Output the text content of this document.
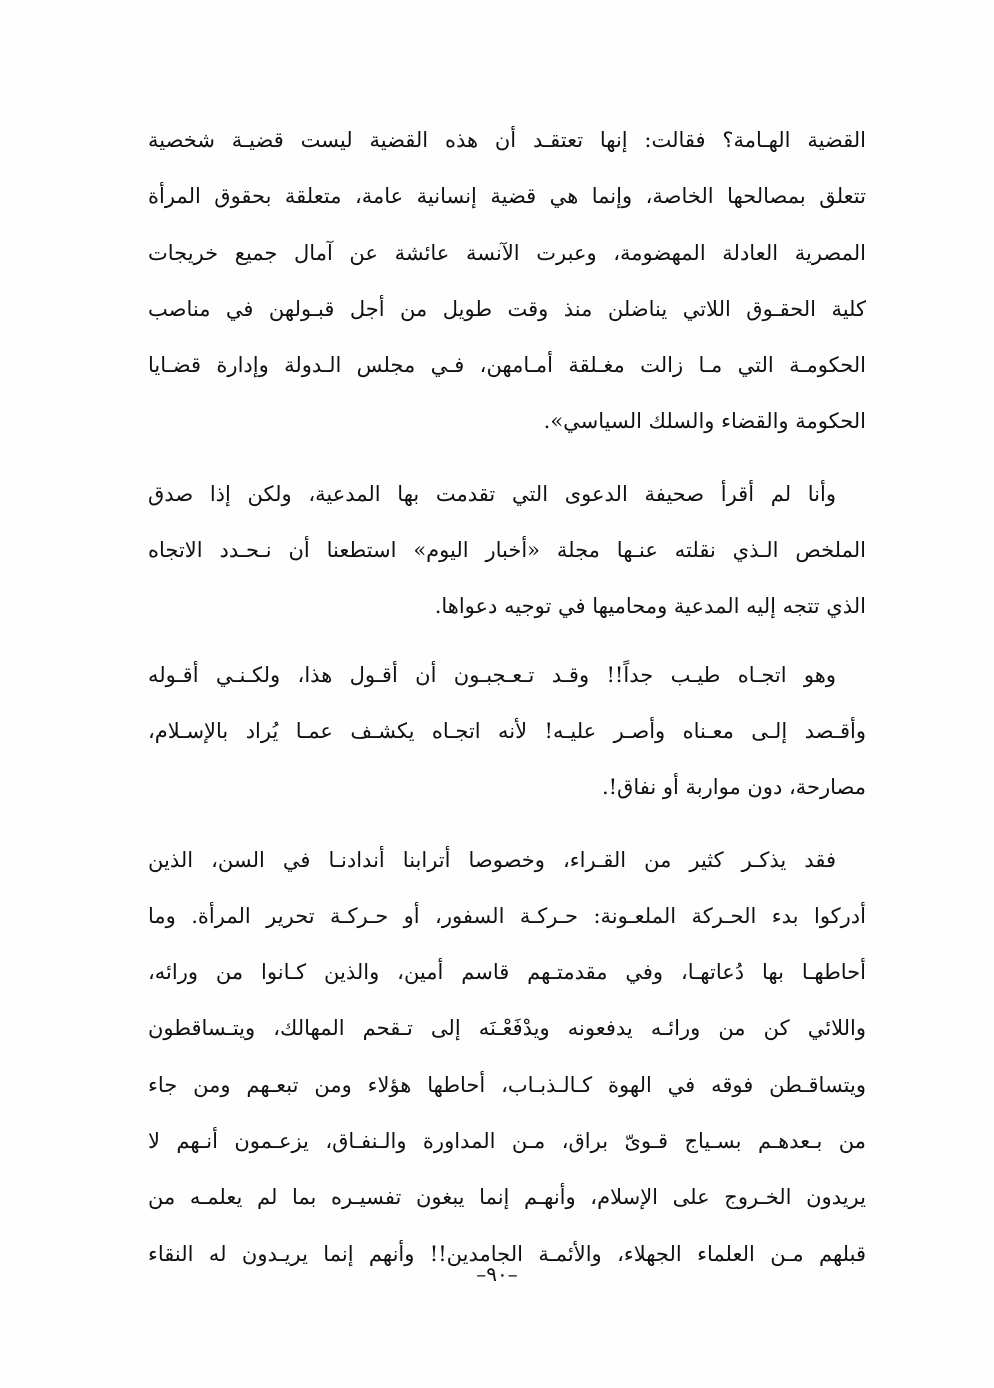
القضية الهـامة؟ فقالت: إنها تعتقـد أن هذه القضية ليست قضيـة شخصية
تتعلق بمصالحها الخاصة، وإنما هي قضية إنسانية عامة، متعلقة بحقوق المرأة
المصرية العادلة المهضومة، وعبرت الآنسة عائشة عن آمال جميع خريجات
كلية الحقـوق اللاتي يناضلن منذ وقت طويل من أجل قبـولهن في مناصب
الحكومـة التي مـا زالت مغـلقة أمـامهن، فـي مجلس الـدولة وإدارة قضـايا
الحكومة والقضاء والسلك السياسي».
وأنا لم أقرأ صحيفة الدعوى التي تقدمت بها المدعية، ولكن إذا صدق
الملخص الـذي نقلته عنـها مجلة «أخبار اليوم» استطعنا أن نـحـدد الاتجاه
الذي تتجه إليه المدعية ومحاميها في توجيه دعواها.
وهو اتجـاه طيـب جداً!! وقـد تـعـجبـون أن أقـول هذا، ولكـنـي أقـوله
وأقـصد إلـى معـناه وأصـر عليـه! لأنه اتجـاه يكشـف عمـا يُراد بالإسـلام،
مصارحة، دون مواربة أو نفاق!.
فقد يذكـر كثير من القـراء، وخصوصا أترابنا أندادنـا في السن، الذين
أدركوا بدء الحـركة الملعـونة: حـركـة السفور، أو حـركـة تحرير المرأة. وما
أحاطهـا بها دُعاتهـا، وفي مقدمتـهم قاسم أمين، والذين كـانوا من ورائه،
واللائي كن من ورائـه يدفعونه ويدْفَعْـنَه إلى تـقحم المهالك، ويتـساقطون
ويتساقـطن فوقه في الهوة كـالـذبـاب، أحاطها هؤلاء ومن تبعـهم ومن جاء
من بـعدهـم بسـياج قـوىّ براق، مـن المداورة والـنفـاق، يزعـمون أنـهم لا
يريدون الخـروج على الإسلام، وأنهـم إنما يبغون تفسيـره بما لم يعلمـه من
قبلهم مـن العلماء الجهلاء، والأئمـة الجامدين!! وأنهم إنما يريـدون له النقاء
–٩٠–
